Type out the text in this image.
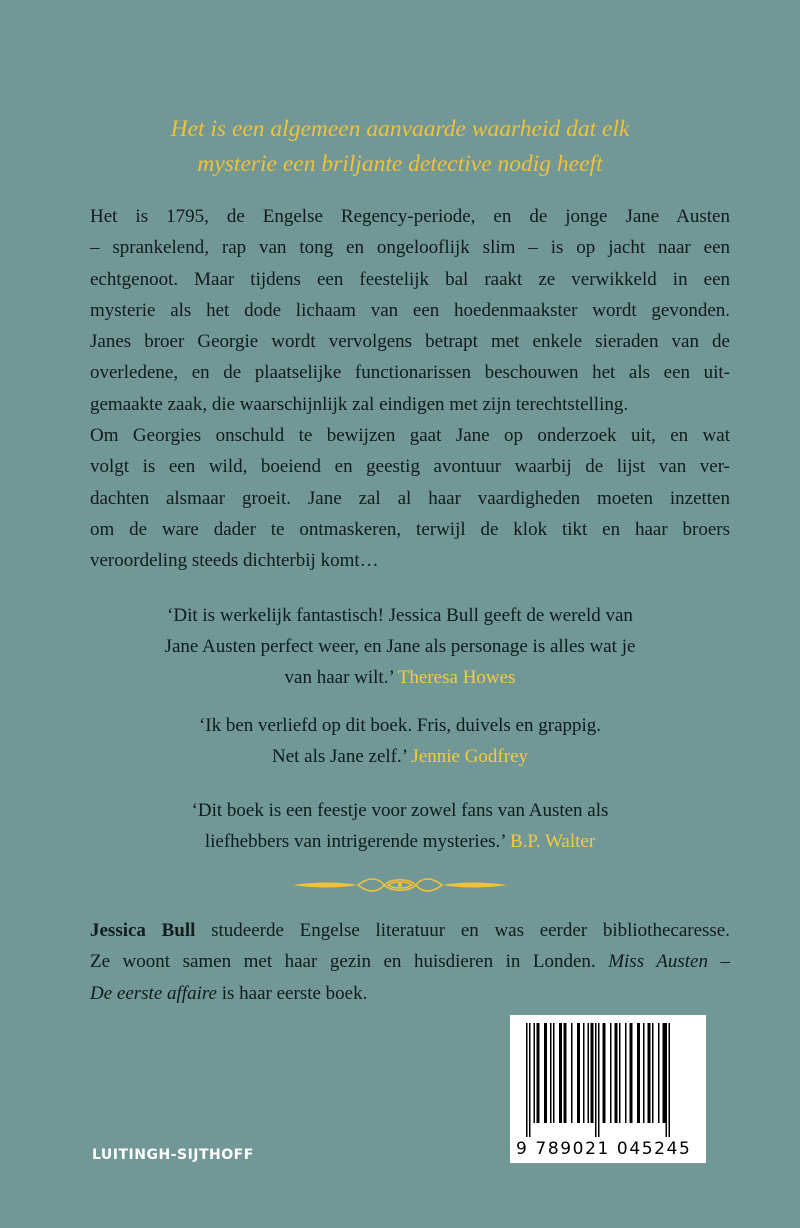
Het is een algemeen aanvaarde waarheid dat elk
mysterie een briljante detective nodig heeft

Het is 1795, de Engelse Regency-periode, en de jonge Jane Austen
– sprankelend, rap van tong en ongelooflijk slim – is op jacht naar een
echtgenoot. Maar tijdens een feestelijk bal raakt ze verwikkeld in een
mysterie als het dode lichaam van een hoedenmaakster wordt gevonden.
Janes broer Georgie wordt vervolgens betrapt met enkele sieraden van de
overledene, en de plaatselijke functionarissen beschouwen het als een uit-
gemaakte zaak, die waarschijnlijk zal eindigen met zijn terechtstelling.
Om Georgies onschuld te bewijzen gaat Jane op onderzoek uit, en wat
volgt is een wild, boeiend en geestig avontuur waarbij de lijst van ver-
dachten alsmaar groeit. Jane zal al haar vaardigheden moeten inzetten
om de ware dader te ontmaskeren, terwijl de klok tikt en haar broers
veroordeling steeds dichterbij komt…

‘Dit is werkelijk fantastisch! Jessica Bull geeft de wereld van
Jane Austen perfect weer, en Jane als personage is alles wat je
van haar wilt.’ Theresa Howes

‘Ik ben verliefd op dit boek. Fris, duivels en grappig.
Net als Jane zelf.’ Jennie Godfrey

‘Dit boek is een feestje voor zowel fans van Austen als
liefhebbers van intrigerende mysteries.’ B.P. Walter

Jessica Bull studeerde Engelse literatuur en was eerder bibliothecaresse.
Ze woont samen met haar gezin en huisdieren in Londen. Miss Austen –
De eerste affaire is haar eerste boek.

9 789021 045245

LUITINGH-SIJTHOFF
